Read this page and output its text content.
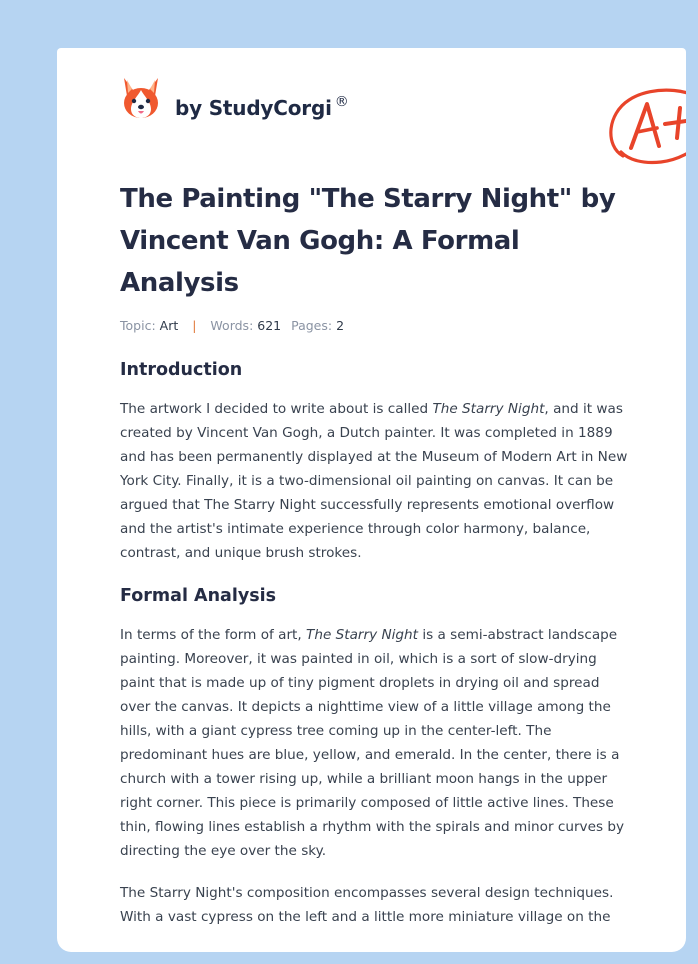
by StudyCorgi ®
The Painting "The Starry Night" by Vincent Van Gogh: A Formal Analysis
Topic: Art | Words: 621 Pages: 2
Introduction

The artwork I decided to write about is called The Starry Night, and it was created by Vincent Van Gogh, a Dutch painter. It was completed in 1889 and has been permanently displayed at the Museum of Modern Art in New York City. Finally, it is a two-dimensional oil painting on canvas. It can be argued that The Starry Night successfully represents emotional overflow and the artist's intimate experience through color harmony, balance, contrast, and unique brush strokes.

Formal Analysis

In terms of the form of art, The Starry Night is a semi-abstract landscape painting. Moreover, it was painted in oil, which is a sort of slow-drying paint that is made up of tiny pigment droplets in drying oil and spread over the canvas. It depicts a nighttime view of a little village among the hills, with a giant cypress tree coming up in the center-left. The predominant hues are blue, yellow, and emerald. In the center, there is a church with a tower rising up, while a brilliant moon hangs in the upper right corner. This piece is primarily composed of little active lines. These thin, flowing lines establish a rhythm with the spirals and minor curves by directing the eye over the sky.

The Starry Night's composition encompasses several design techniques. With a vast cypress on the left and a little more miniature village on the
